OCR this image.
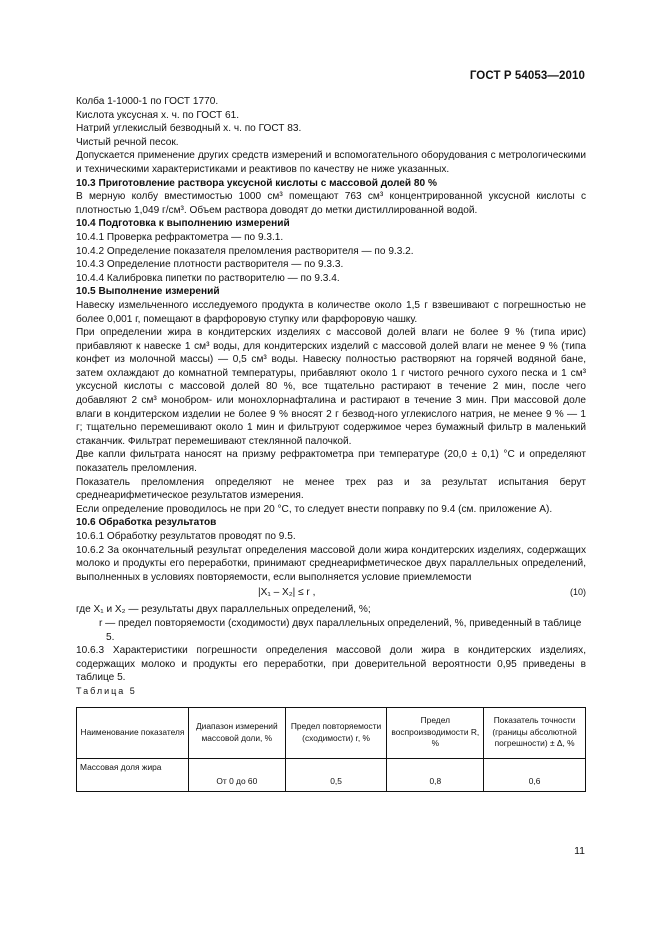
ГОСТ Р 54053—2010

Колба 1-1000-1 по ГОСТ 1770.

Кислота уксусная х. ч. по ГОСТ 61.

Натрий углекислый безводный х. ч. по ГОСТ 83.

Чистый речной песок.

Допускается применение других средств измерений и вспомогательного оборудования с метрологическими и техническими характеристиками и реактивов по качеству не ниже указанных.

10.3 Приготовление раствора уксусной кислоты с массовой долей 80 %

В мерную колбу вместимостью 1000 см³ помещают 763 см³ концентрированной уксусной кислоты с плотностью 1,049 г/см³. Объем раствора доводят до метки дистиллированной водой.

10.4 Подготовка к выполнению измерений

10.4.1 Проверка рефрактометра — по 9.3.1.

10.4.2 Определение показателя преломления растворителя — по 9.3.2.

10.4.3 Определение плотности растворителя — по 9.3.3.

10.4.4 Калибровка пипетки по растворителю — по 9.3.4.

10.5 Выполнение измерений

Навеску измельченного исследуемого продукта в количестве около 1,5 г взвешивают с погрешностью не более 0,001 г, помещают в фарфоровую ступку или фарфоровую чашку.

При определении жира в кондитерских изделиях с массовой долей влаги не более 9 % (типа ирис) прибавляют к навеске 1 см³ воды, для кондитерских изделий с массовой долей влаги не менее 9 % (типа конфет из молочной массы) — 0,5 см³ воды. Навеску полностью растворяют на горячей водяной бане, затем охлаждают до комнатной температуры, прибавляют около 1 г чистого речного сухого песка и 1 см³ уксусной кислоты с массовой долей 80 %, все тщательно растирают в течение 2 мин, после чего добавляют 2 см³ монобром- или монохлорнафталина и растирают в течение 3 мин. При массовой доле влаги в кондитерском изделии не более 9 % вносят 2 г безвод-ного углекислого натрия, не менее 9 % — 1 г; тщательно перемешивают около 1 мин и фильтруют содержимое через бумажный фильтр в маленький стаканчик. Фильтрат перемешивают стеклянной палочкой.

Две капли фильтрата наносят на призму рефрактометра при температуре (20,0 ± 0,1) °С и определяют показатель преломления.

Показатель преломления определяют не менее трех раз и за результат испытания берут среднеарифметическое результатов измерения.

Если определение проводилось не при 20 °С, то следует внести поправку по 9.4 (см. приложение А).

10.6 Обработка результатов

10.6.1 Обработку результатов проводят по 9.5.

10.6.2 За окончательный результат определения массовой доли жира кондитерских изделиях, содержащих молоко и продукты его переработки, принимают среднеарифметическое двух параллельных определений, выполненных в условиях повторяемости, если выполняется условие приемлемости

|X₁ – X₂| ≤ r ,	(10)

где X₁ и X₂ — результаты двух параллельных определений, %;

r — предел повторяемости (сходимости) двух параллельных определений, %, приведенный в таблице 5.

10.6.3 Характеристики погрешности определения массовой доли жира в кондитерских изделиях, содержащих молоко и продукты его переработки, при доверительной вероятности 0,95 приведены в таблице 5.

Таблица 5

Наименование показателя	Диапазон измерений массовой доли, %	Предел повторяемости (сходимости) r, %	Предел воспроизводимости R, %	Показатель точности (границы абсолютной погрешности) ± Δ, %
Массовая доля жира	От 0 до 60	0,5	0,8	0,6
11
